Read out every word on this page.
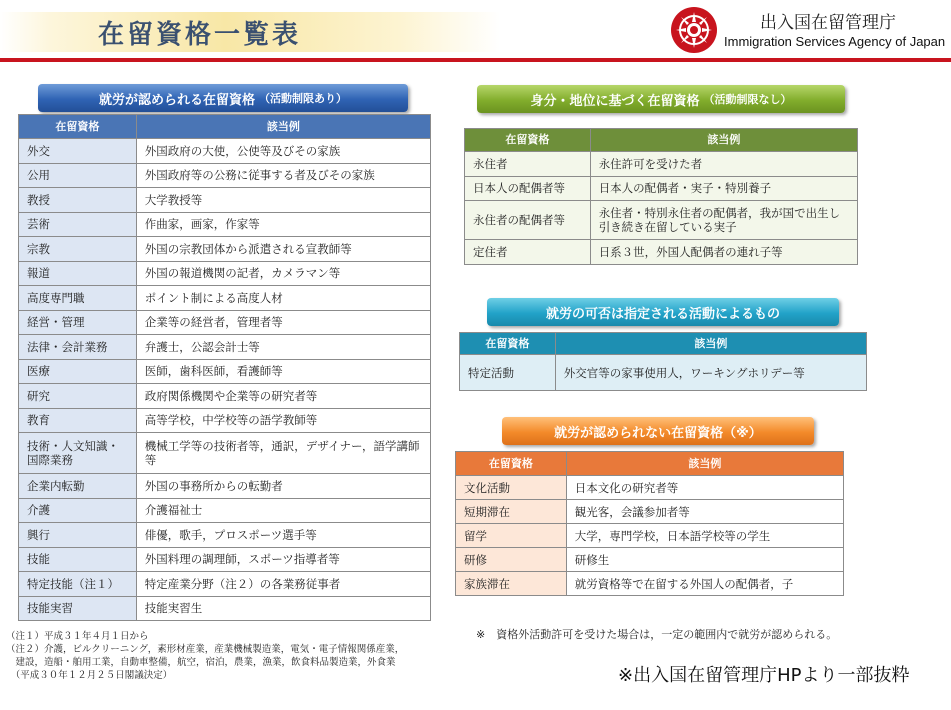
在留資格一覧表	出入国在留管理庁
Immigration Services Agency of Japan
就労が認められる在留資格 （活動制限あり）
在留資格	該当例
外交	外国政府の大使，公使等及びその家族
公用	外国政府等の公務に従事する者及びその家族
教授	大学教授等
芸術	作曲家，画家，作家等
宗教	外国の宗教団体から派遣される宣教師等
報道	外国の報道機関の記者，カメラマン等
高度専門職	ポイント制による高度人材
経営・管理	企業等の経営者，管理者等
法律・会計業務	弁護士，公認会計士等
医療	医師，歯科医師，看護師等
研究	政府関係機関や企業等の研究者等
教育	高等学校，中学校等の語学教師等
技術・人文知識・国際業務	機械工学等の技術者等，通訳，デザイナー，語学講師等
企業内転勤	外国の事務所からの転勤者
介護	介護福祉士
興行	俳優，歌手，プロスポーツ選手等
技能	外国料理の調理師，スポーツ指導者等
特定技能（注１）	特定産業分野（注２）の各業務従事者
技能実習	技能実習生
身分・地位に基づく在留資格 （活動制限なし）
在留資格	該当例
永住者	永住許可を受けた者
日本人の配偶者等	日本人の配偶者・実子・特別養子
永住者の配偶者等	永住者・特別永住者の配偶者，我が国で出生し引き続き在留している実子
定住者	日系３世，外国人配偶者の連れ子等
就労の可否は指定される活動によるもの
在留資格	該当例
特定活動	外交官等の家事使用人，ワーキングホリデー等
就労が認められない在留資格（※）
在留資格	該当例
文化活動	日本文化の研究者等
短期滞在	観光客，会議参加者等
留学	大学，専門学校，日本語学校等の学生
研修	研修生
家族滞在	就労資格等で在留する外国人の配偶者，子
（注１）平成３１年４月１日から
（注２）介護，ビルクリーニング，素形材産業，産業機械製造業，電気・電子情報関係産業，
　建設，造船・舶用工業，自動車整備，航空，宿泊，農業，漁業，飲食料品製造業，外食業
　（平成３０年１２月２５日閣議決定）
※　資格外活動許可を受けた場合は，一定の範囲内で就労が認められる。
※出入国在留管理庁HPより一部抜粋
